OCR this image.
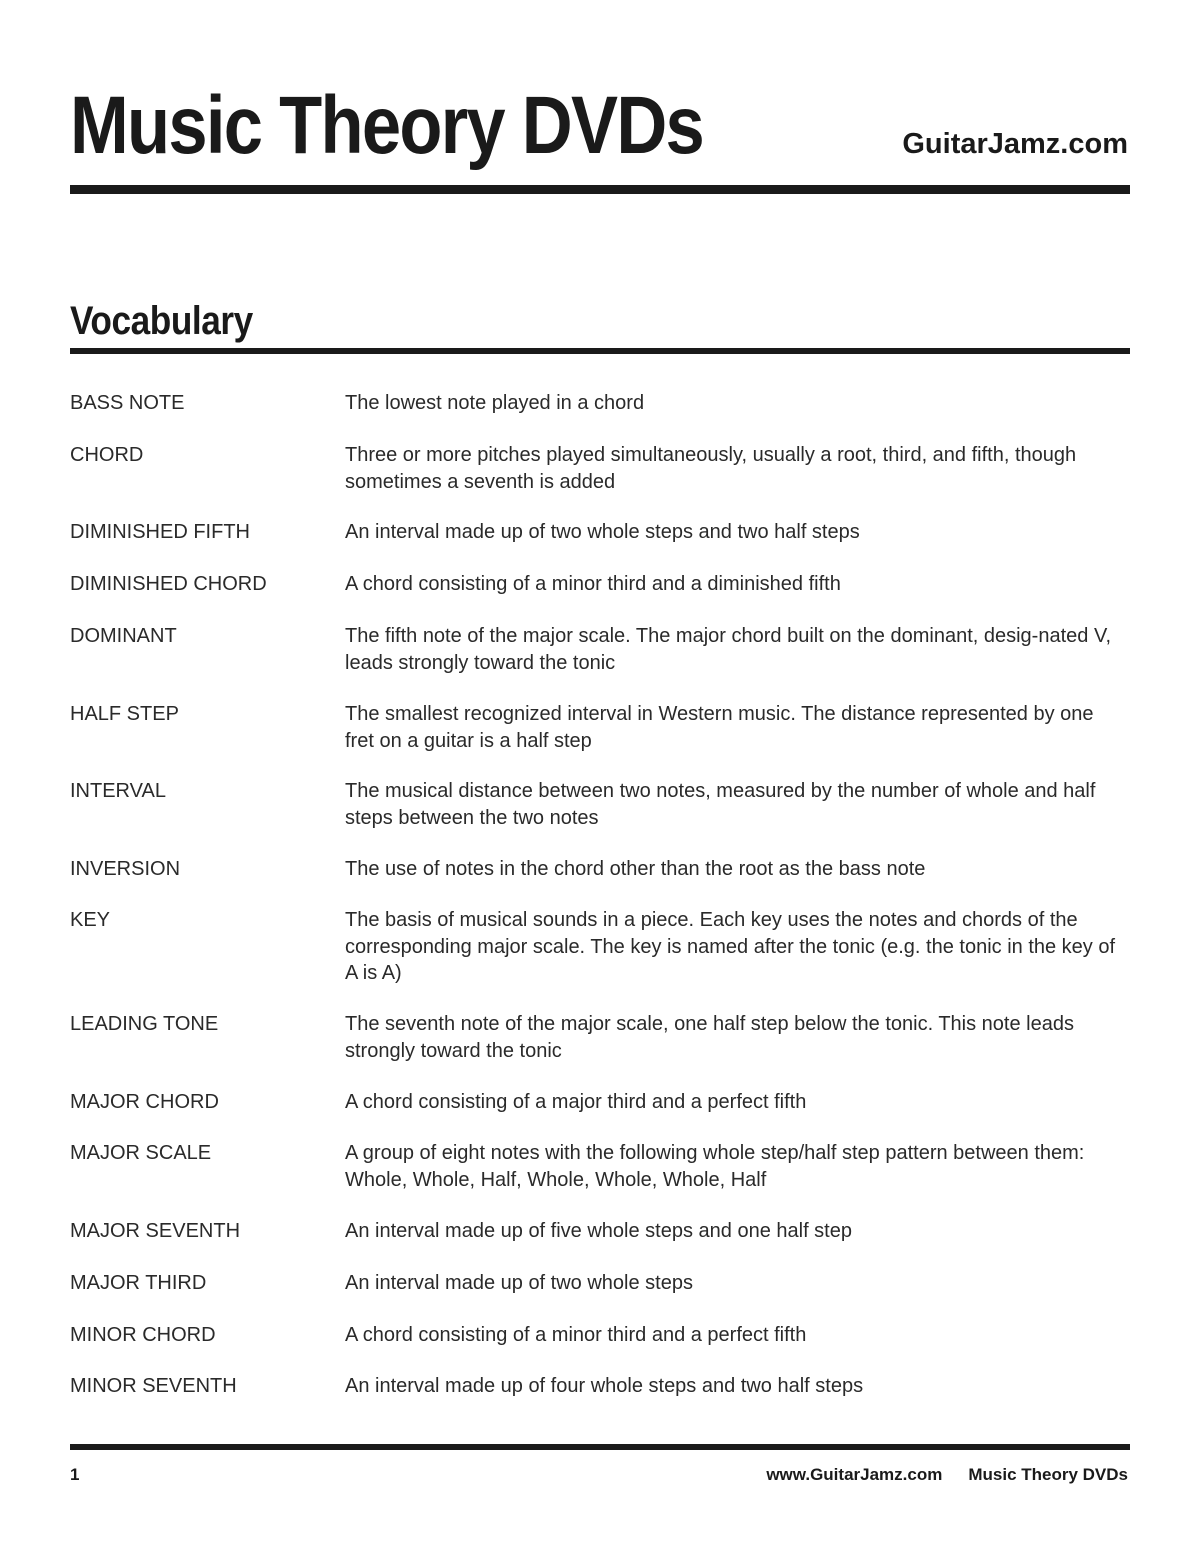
Music Theory DVDs	GuitarJamz.com
Vocabulary
BASS NOTE	The lowest note played in a chord
CHORD	Three or more pitches played simultaneously, usually a root, third, and fifth, though sometimes a seventh is added
DIMINISHED FIFTH	An interval made up of two whole steps and two half steps
DIMINISHED CHORD	A chord consisting of a minor third and a diminished fifth
DOMINANT	The fifth note of the major scale. The major chord built on the dominant, desig-nated V, leads strongly toward the tonic
HALF STEP	The smallest recognized interval in Western music. The distance represented by one fret on a guitar is a half step
INTERVAL	The musical distance between two notes, measured by the number of whole and half steps between the two notes
INVERSION	The use of notes in the chord other than the root as the bass note
KEY	The basis of musical sounds in a piece. Each key uses the notes and chords of the corresponding major scale. The key is named after the tonic (e.g. the tonic in the key of A is A)
LEADING TONE	The seventh note of the major scale, one half step below the tonic. This note leads strongly toward the tonic
MAJOR CHORD	A chord consisting of a major third and a perfect fifth
MAJOR SCALE	A group of eight notes with the following whole step/half step pattern between them: Whole, Whole, Half, Whole, Whole, Whole, Half
MAJOR SEVENTH	An interval made up of five whole steps and one half step
MAJOR THIRD	An interval made up of two whole steps
MINOR CHORD	A chord consisting of a minor third and a perfect fifth
MINOR SEVENTH	An interval made up of four whole steps and two half steps
1	www.GuitarJamz.com Music Theory DVDs
